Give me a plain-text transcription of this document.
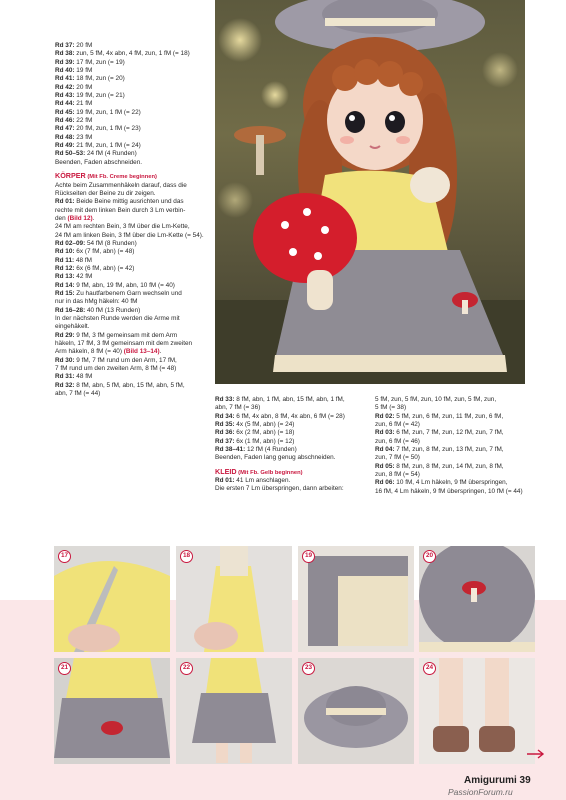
Rd 37: 20 fM
Rd 38: zun, 5 fM, 4x abn, 4 fM, zun, 1 fM (= 18)
Rd 39: 17 fM, zun (= 19)
Rd 40: 19 fM
Rd 41: 18 fM, zun (= 20)
Rd 42: 20 fM
Rd 43: 19 fM, zun (= 21)
Rd 44: 21 fM
Rd 45: 19 fM, zun, 1 fM (= 22)
Rd 46: 22 fM
Rd 47: 20 fM, zun, 1 fM (= 23)
Rd 48: 23 fM
Rd 49: 21 fM, zun, 1 fM (= 24)
Rd 50–53: 24 fM (4 Runden)
Beenden, Faden abschneiden.
KÖRPER (Mit Fb. Creme beginnen)
Achte beim Zusammenhäkeln darauf, dass die
Rückseiten der Beine zu dir zeigen.
Rd 01: Beide Beine mittig ausrichten und das
rechte mit dem linken Bein durch 3 Lm verbin-
den (Bild 12).
24 fM am rechten Bein, 3 fM über die Lm-Kette,
24 fM am linken Bein, 3 fM über die Lm-Kette (= 54).
Rd 02–09: 54 fM (8 Runden)
Rd 10: 6x (7 fM, abn) (= 48)
Rd 11: 48 fM
Rd 12: 6x (6 fM, abn) (= 42)
Rd 13: 42 fM
Rd 14: 9 fM, abn, 19 fM, abn, 10 fM (= 40)
Rd 15: Zu hautfarbenem Garn wechseln und
nur in das hMg häkeln: 40 fM
Rd 16–28: 40 fM (13 Runden)
In der nächsten Runde werden die Arme mit
eingehäkelt.
Rd 29: 9 fM, 3 fM gemeinsam mit dem Arm
häkeln, 17 fM, 3 fM gemeinsam mit dem zweiten
Arm häkeln, 8 fM (= 40) (Bild 13–14).
Rd 30: 9 fM, 7 fM rund um den Arm, 17 fM,
7 fM rund um den zweiten Arm, 8 fM (= 48)
Rd 31: 48 fM
Rd 32: 8 fM, abn, 5 fM, abn, 15 fM, abn, 5 fM,
abn, 7 fM (= 44)
Rd 33: 8 fM, abn, 1 fM, abn, 15 fM, abn, 1 fM,
abn, 7 fM (= 36)
Rd 34: 6 fM, 4x abn, 8 fM, 4x abn, 6 fM (= 28)
Rd 35: 4x (5 fM, abn) (= 24)
Rd 36: 6x (2 fM, abn) (= 18)
Rd 37: 6x (1 fM, abn) (= 12)
Rd 38–41: 12 fM (4 Runden)
Beenden, Faden lang genug abschneiden.
KLEID (Mit Fb. Gelb beginnen)
Rd 01: 41 Lm anschlagen.
Die ersten 7 Lm überspringen, dann arbeiten:
5 fM, zun, 5 fM, zun, 10 fM, zun, 5 fM, zun,
5 fM (= 38)
Rd 02: 5 fM, zun, 6 fM, zun, 11 fM, zun, 6 fM,
zun, 6 fM (= 42)
Rd 03: 6 fM, zun, 7 fM, zun, 12 fM, zun, 7 fM,
zun, 6 fM (= 46)
Rd 04: 7 fM, zun, 8 fM, zun, 13 fM, zun, 7 fM,
zun, 7 fM (= 50)
Rd 05: 8 fM, zun, 8 fM, zun, 14 fM, zun, 8 fM,
zun, 8 fM (= 54)
Rd 06: 10 fM, 4 Lm häkeln, 9 fM überspringen,
16 fM, 4 Lm häkeln, 9 fM überspringen, 10 fM (= 44)
17	18	19	20
21	22	23	24
Amigurumi 39
PassionForum.ru
